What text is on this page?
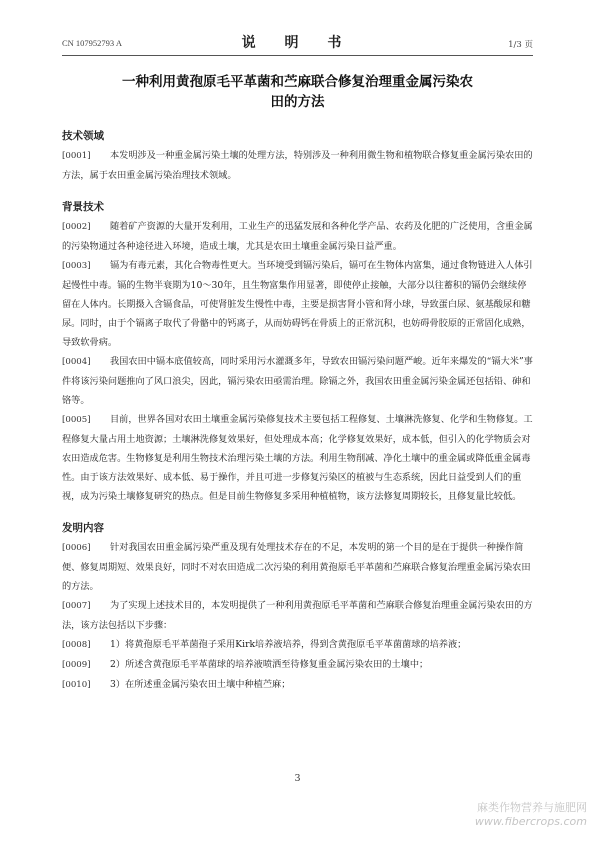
CN 107952793 A	说 明 书	1/3 页
一种利用黄孢原毛平革菌和苎麻联合修复治理重金属污染农
田的方法
技术领域
[0001] 本发明涉及一种重金属污染土壤的处理方法，特别涉及一种利用微生物和植物联合修复重金属污染农田的方法，属于农田重金属污染治理技术领域。
背景技术
[0002] 随着矿产资源的大量开发利用，工业生产的迅猛发展和各种化学产品、农药及化肥的广泛使用，含重金属的污染物通过各种途径进入环境，造成土壤，尤其是农田土壤重金属污染日益严重。
[0003] 镉为有毒元素，其化合物毒性更大。当环境受到镉污染后，镉可在生物体内富集，通过食物链进入人体引起慢性中毒。镉的生物半衰期为10～30年，且生物富集作用显著，即使停止接触，大部分以往蓄积的镉仍会继续停留在人体内。长期摄入含镉食品，可使肾脏发生慢性中毒，主要是损害肾小管和肾小球，导致蛋白尿、氨基酸尿和糖尿。同时，由于个镉离子取代了骨骼中的钙离子，从而妨碍钙在骨质上的正常沉积，也妨碍骨胶原的正常固化成熟，导致软骨病。
[0004] 我国农田中镉本底值较高，同时采用污水灌溉多年，导致农田镉污染问题严峻。近年来爆发的“镉大米”事件将该污染问题推向了风口浪尖，因此，镉污染农田亟需治理。除镉之外，我国农田重金属污染金属还包括铅、砷和铬等。
[0005] 目前，世界各国对农田土壤重金属污染修复技术主要包括工程修复、土壤淋洗修复、化学和生物修复。工程修复大量占用土地资源；土壤淋洗修复效果好，但处理成本高；化学修复效果好，成本低，但引入的化学物质会对农田造成危害。生物修复是利用生物技术治理污染土壤的方法。利用生物削减、净化土壤中的重金属或降低重金属毒性。由于该方法效果好、成本低、易于操作，并且可进一步修复污染区的植被与生态系统，因此日益受到人们的重视，成为污染土壤修复研究的热点。但是目前生物修复多采用种植植物，该方法修复周期较长，且修复量比较低。
发明内容
[0006] 针对我国农田重金属污染严重及现有处理技术存在的不足，本发明的第一个目的是在于提供一种操作简便、修复周期短、效果良好，同时不对农田造成二次污染的利用黄孢原毛平革菌和苎麻联合修复治理重金属污染农田的方法。
[0007] 为了实现上述技术目的，本发明提供了一种利用黄孢原毛平革菌和苎麻联合修复治理重金属污染农田的方法，该方法包括以下步骤：
[0008] 1）将黄孢原毛平革菌孢子采用Kirk培养液培养，得到含黄孢原毛平革菌菌球的培养液；
[0009] 2）所述含黄孢原毛平革菌球的培养液喷洒至待修复重金属污染农田的土壤中；
[0010] 3）在所述重金属污染农田土壤中种植苎麻；
3
麻类作物营养与施肥网
www.fibercrops.com
